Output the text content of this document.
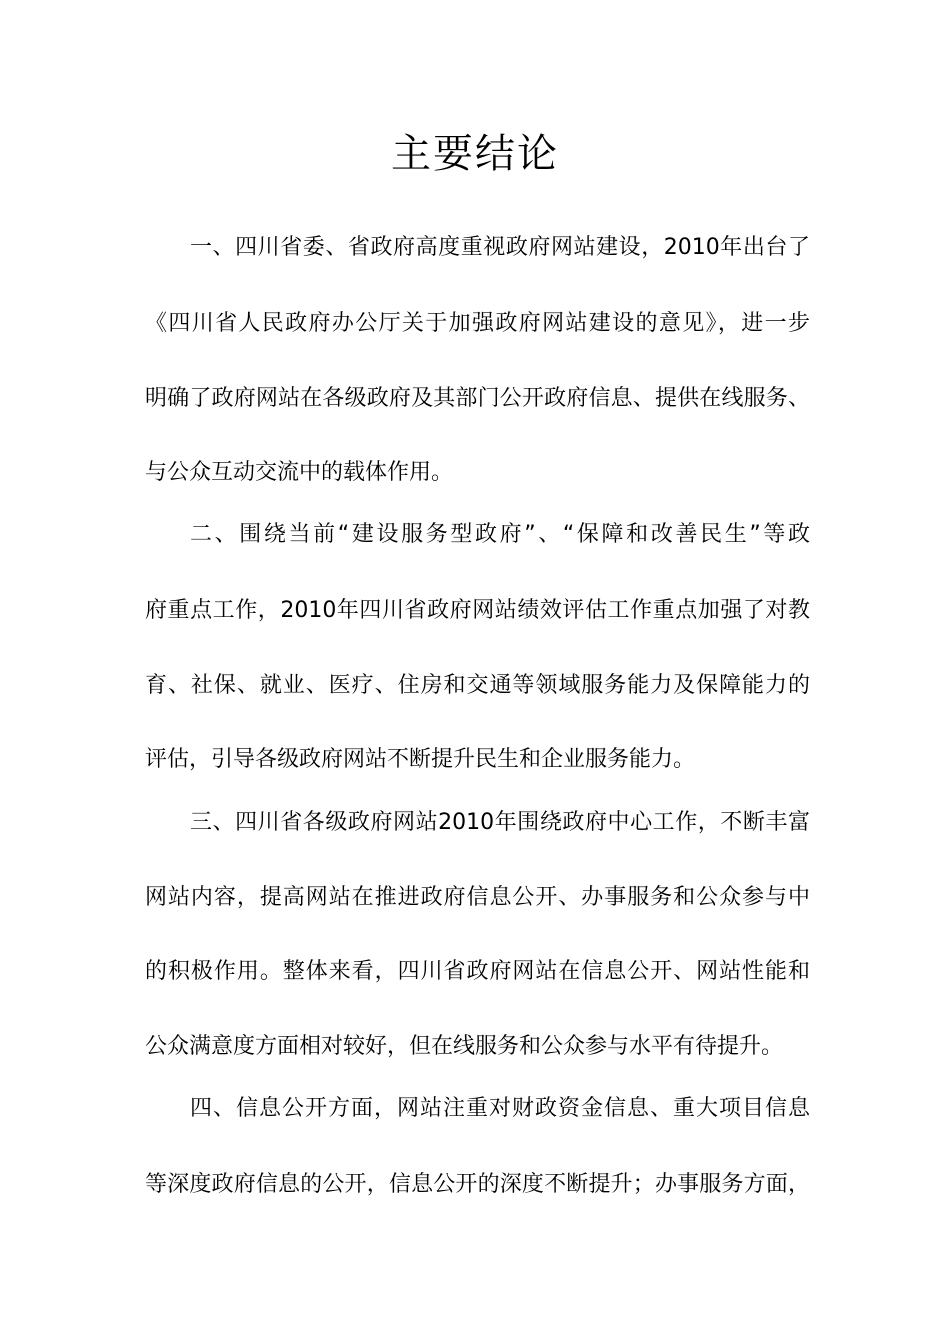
主要结论
一、四川省委、省政府高度重视政府网站建设，2010年出台了
《四川省人民政府办公厅关于加强政府网站建设的意见》，进一步
明确了政府网站在各级政府及其部门公开政府信息、提供在线服务、
与公众互动交流中的载体作用。
二、围绕当前“建设服务型政府”、“保障和改善民生”等政
府重点工作，2010年四川省政府网站绩效评估工作重点加强了对教
育、社保、就业、医疗、住房和交通等领域服务能力及保障能力的
评估，引导各级政府网站不断提升民生和企业服务能力。
三、四川省各级政府网站2010年围绕政府中心工作，不断丰富
网站内容，提高网站在推进政府信息公开、办事服务和公众参与中
的积极作用。整体来看，四川省政府网站在信息公开、网站性能和
公众满意度方面相对较好，但在线服务和公众参与水平有待提升。
四、信息公开方面，网站注重对财政资金信息、重大项目信息
等深度政府信息的公开，信息公开的深度不断提升；办事服务方面，
